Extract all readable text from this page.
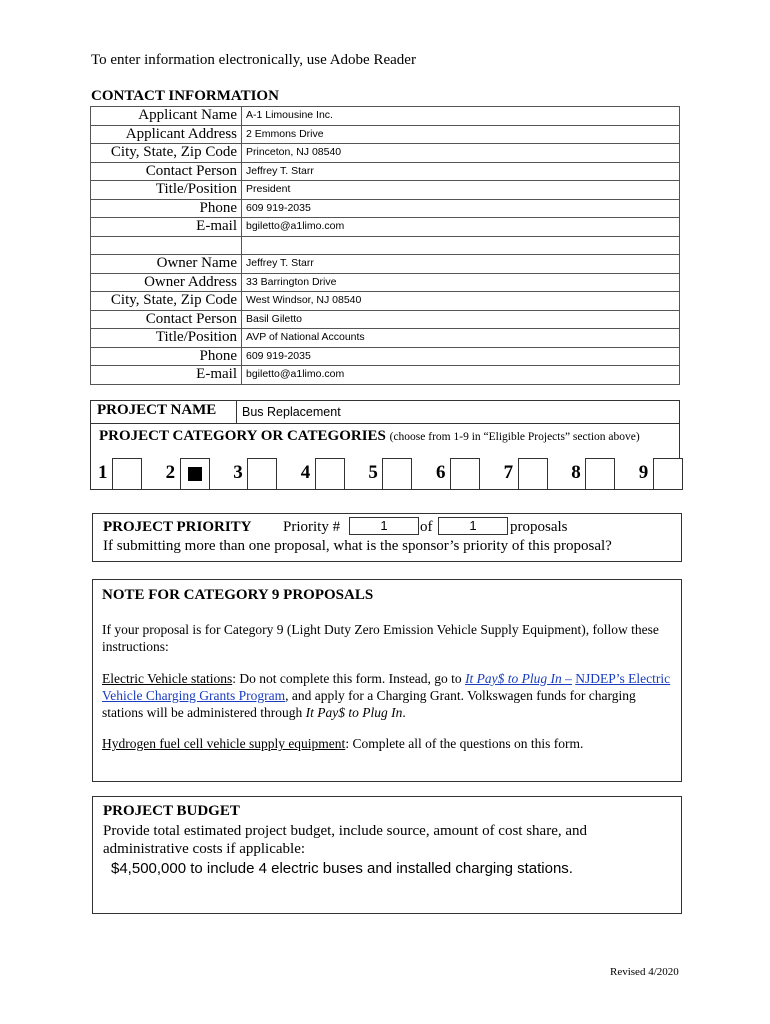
To enter information electronically, use Adobe Reader
CONTACT INFORMATION
Applicant Name	A-1 Limousine Inc.
Applicant Address	2 Emmons Drive
City, State, Zip Code	Princeton, NJ 08540
Contact Person	Jeffrey T. Starr
Title/Position	President
Phone	609 919-2035
E-mail	bgiletto@a1limo.com

Owner Name	Jeffrey T. Starr
Owner Address	33 Barrington Drive
City, State, Zip Code	West Windsor, NJ 08540
Contact Person	Basil Giletto
Title/Position	AVP of National Accounts
Phone	609 919-2035
E-mail	bgiletto@a1limo.com
PROJECT NAME Bus Replacement
PROJECT CATEGORY OR CATEGORIES (choose from 1-9 in “Eligible Projects” section above)
1	2	3	4	5	6	7	8	9
PROJECT PRIORITY Priority #	1	of	1	proposals
If submitting more than one proposal, what is the sponsor’s priority of this proposal?
NOTE FOR CATEGORY 9 PROPOSALS
If your proposal is for Category 9 (Light Duty Zero Emission Vehicle Supply Equipment), follow these instructions:
Electric Vehicle stations: Do not complete this form. Instead, go to It Pay$ to Plug In – NJDEP’s Electric Vehicle Charging Grants Program, and apply for a Charging Grant. Volkswagen funds for charging stations will be administered through It Pay$ to Plug In.
Hydrogen fuel cell vehicle supply equipment: Complete all of the questions on this form.
PROJECT BUDGET
Provide total estimated project budget, include source, amount of cost share, and administrative costs if applicable:
$4,500,000 to include 4 electric buses and installed charging stations.
Revised 4/2020
